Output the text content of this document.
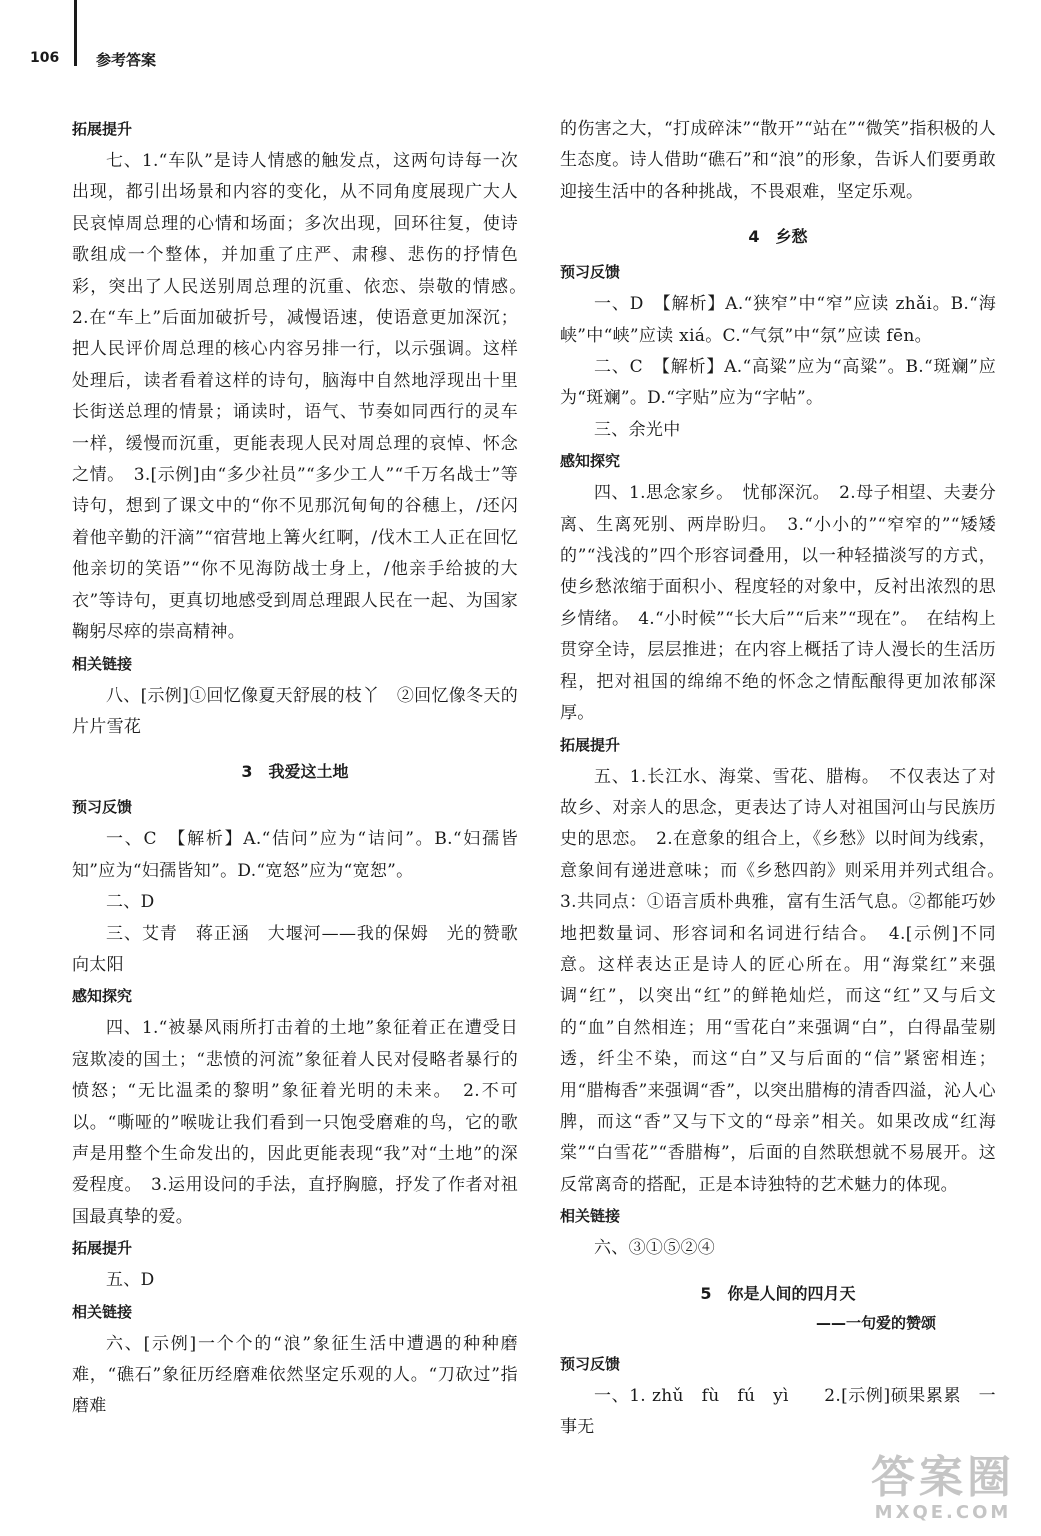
106 参考答案
拓展提升

七、1.“车队”是诗人情感的触发点，这两句诗每一次出现，都引出场景和内容的变化，从不同角度展现广大人民哀悼周总理的心情和场面；多次出现，回环往复，使诗歌组成一个整体，并加重了庄严、肃穆、悲伤的抒情色彩，突出了人民送别周总理的沉重、依恋、崇敬的情感。　2.在“车上”后面加破折号，减慢语速，使语意更加深沉；把人民评价周总理的核心内容另排一行，以示强调。这样处理后，读者看着这样的诗句，脑海中自然地浮现出十里长街送总理的情景；诵读时，语气、节奏如同西行的灵车一样，缓慢而沉重，更能表现人民对周总理的哀悼、怀念之情。　3.[示例]由“多少社员”“多少工人”“千万名战士”等诗句，想到了课文中的“你不见那沉甸甸的谷穗上，/还闪着他辛勤的汗滴”“宿营地上篝火红啊，/伐木工人正在回忆他亲切的笑语”“你不见海防战士身上，/他亲手给披的大衣”等诗句，更真切地感受到周总理跟人民在一起、为国家鞠躬尽瘁的崇高精神。

相关链接

八、[示例]①回忆像夏天舒展的枝丫　②回忆像冬天的片片雪花

3　我爱这土地
预习反馈

一、C　【解析】A.“佶问”应为“诘问”。B.“妇孺皆知”应为“妇孺皆知”。D.“宽怒”应为“宽恕”。

二、D

三、艾青　蒋正涵　大堰河——我的保姆　光的赞歌　向太阳

感知探究

四、1.“被暴风雨所打击着的土地”象征着正在遭受日寇欺凌的国土；“悲愤的河流”象征着人民对侵略者暴行的愤怒；“无比温柔的黎明”象征着光明的未来。　2.不可以。“嘶哑的”喉咙让我们看到一只饱受磨难的鸟，它的歌声是用整个生命发出的，因此更能表现“我”对“土地”的深爱程度。　3.运用设问的手法，直抒胸臆，抒发了作者对祖国最真挚的爱。

拓展提升

五、D

相关链接

六、[示例]一个个的“浪”象征生活中遭遇的种种磨难，“礁石”象征历经磨难依然坚定乐观的人。“刀砍过”指磨难

的伤害之大，“打成碎沫”“散开”“站在”“微笑”指积极的人生态度。诗人借助“礁石”和“浪”的形象，告诉人们要勇敢迎接生活中的各种挑战，不畏艰难，坚定乐观。

4　乡愁
预习反馈

一、D　【解析】A.“狭窄”中“窄”应读 zhǎi。B.“海峡”中“峡”应读 xiá。C.“气氛”中“氛”应读 fēn。

二、C　【解析】A.“高粱”应为“高粱”。B.“斑斓”应为“斑斓”。D.“字贴”应为“字帖”。

三、余光中

感知探究

四、1.思念家乡。　忧郁深沉。　2.母子相望、夫妻分离、生离死别、两岸盼归。　3.“小小的”“窄窄的”“矮矮的”“浅浅的”四个形容词叠用，以一种轻描淡写的方式，使乡愁浓缩于面积小、程度轻的对象中，反衬出浓烈的思乡情绪。　4.“小时候”“长大后”“后来”“现在”。　在结构上贯穿全诗，层层推进；在内容上概括了诗人漫长的生活历程，把对祖国的绵绵不绝的怀念之情酝酿得更加浓郁深厚。

拓展提升

五、1.长江水、海棠、雪花、腊梅。　不仅表达了对故乡、对亲人的思念，更表达了诗人对祖国河山与民族历史的思恋。　2.在意象的组合上，《乡愁》以时间为线索，意象间有递进意味；而《乡愁四韵》则采用并列式组合。　3.共同点：①语言质朴典雅，富有生活气息。②都能巧妙地把数量词、形容词和名词进行结合。　4.[示例]不同意。这样表达正是诗人的匠心所在。用“海棠红”来强调“红”，以突出“红”的鲜艳灿烂，而这“红”又与后文的“血”自然相连；用“雪花白”来强调“白”，白得晶莹剔透，纤尘不染，而这“白”又与后面的“信”紧密相连；用“腊梅香”来强调“香”，以突出腊梅的清香四溢，沁人心脾，而这“香”又与下文的“母亲”相关。如果改成“红海棠”“白雪花”“香腊梅”，后面的自然联想就不易展开。这反常离奇的搭配，正是本诗独特的艺术魅力的体现。

相关链接

六、③①⑤②④

5　你是人间的四月天
——一句爱的赞颂
预习反馈

一、1. zhǔ　fù　fú　yì　　2.[示例]硕果累累　一事无

答案圈
MXQE.COM
